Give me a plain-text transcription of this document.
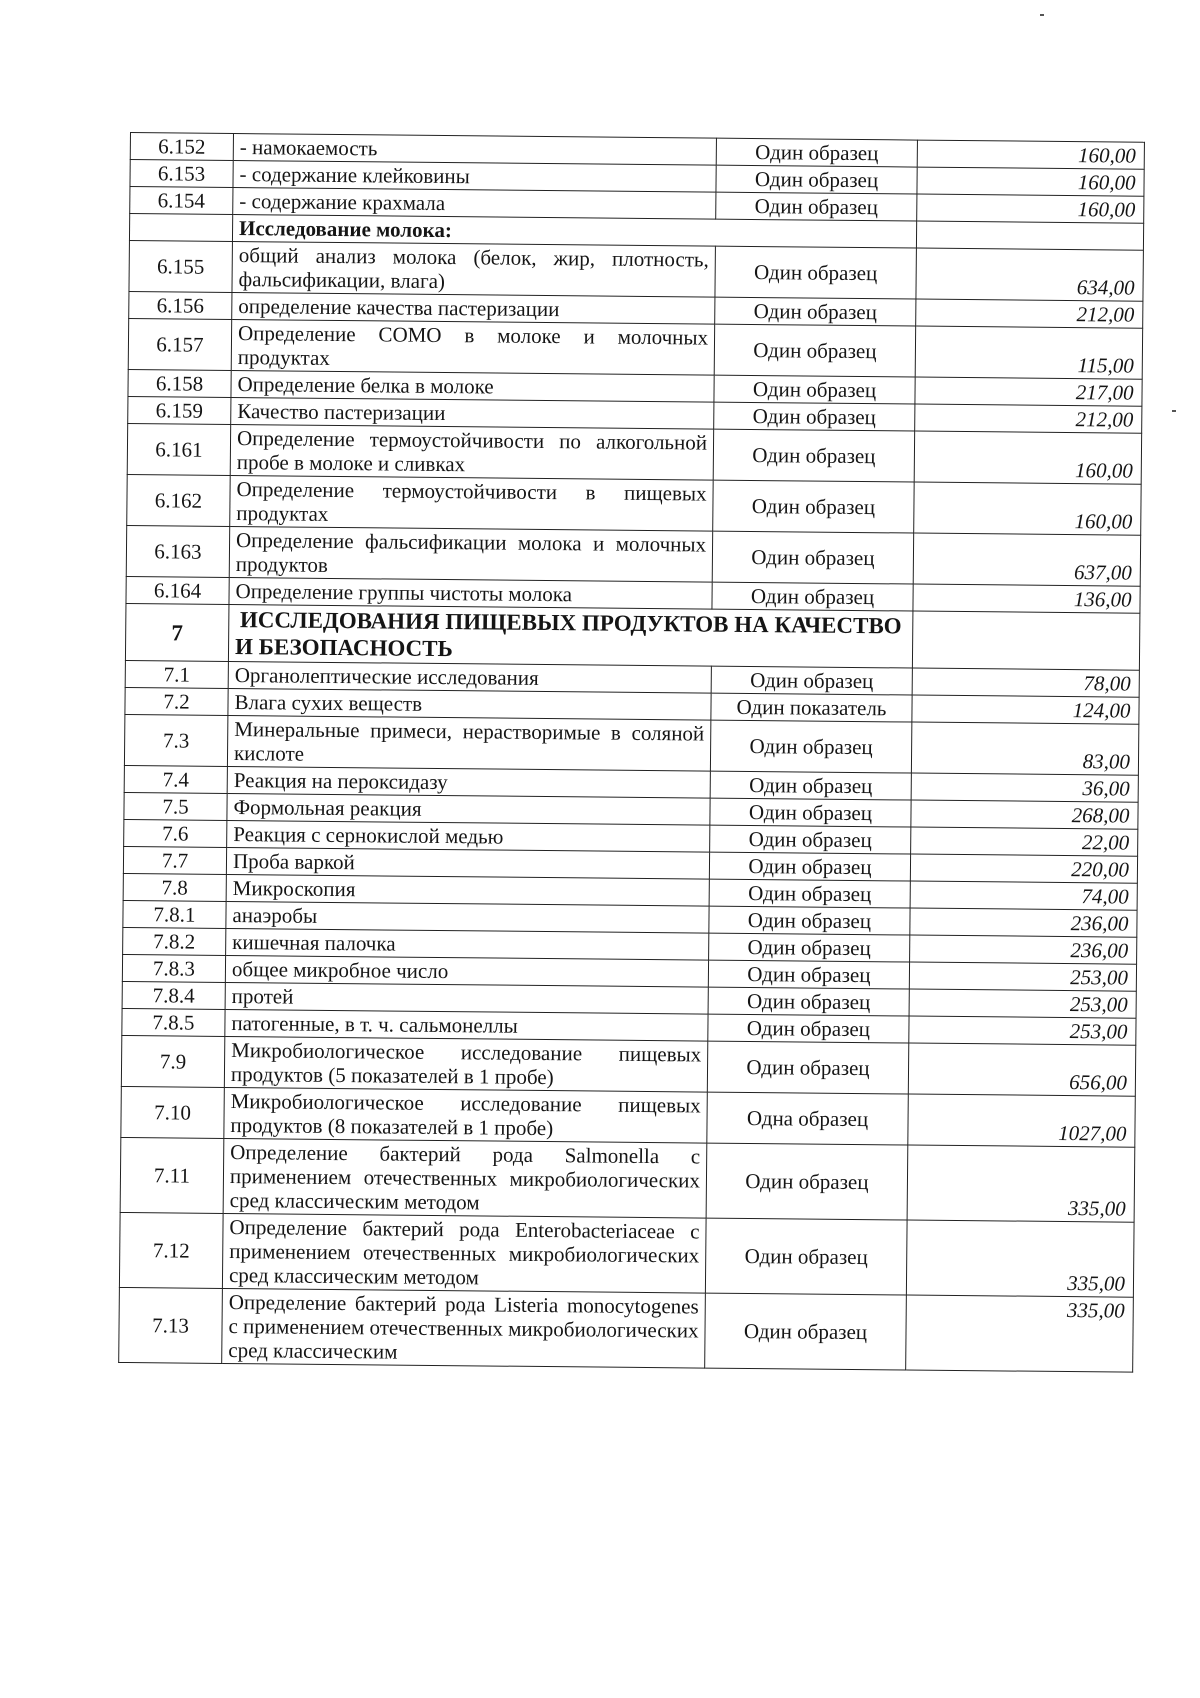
6.152	- намокаемость	Один образец	160,00
6.153	- содержание клейковины	Один образец	160,00
6.154	- содержание крахмала	Один образец	160,00
	Исследование молока:		
6.155	общий анализ молока (белок, жир, плотность, фальсификации, влага)	Один образец	634,00
6.156	определение качества пастеризации	Один образец	212,00
6.157	Определение СОМО в молоке и молочных продуктах	Один образец	115,00
6.158	Определение белка в молоке	Один образец	217,00
6.159	Качество пастеризации	Один образец	212,00
6.161	Определение термоустойчивости по алкогольной пробе в молоке и сливках	Один образец	160,00
6.162	Определение термоустойчивости в пищевых продуктах	Один образец	160,00
6.163	Определение фальсификации молока и молочных продуктов	Один образец	637,00
6.164	Определение группы чистоты молока	Один образец	136,00
7	ИССЛЕДОВАНИЯ ПИЩЕВЫХ ПРОДУКТОВ НА КАЧЕСТВО И БЕЗОПАСНОСТЬ		
7.1	Органолептические исследования	Один образец	78,00
7.2	Влага сухих веществ	Один показатель	124,00
7.3	Минеральные примеси, нерастворимые в соляной кислоте	Один образец	83,00
7.4	Реакция на пероксидазу	Один образец	36,00
7.5	Формольная реакция	Один образец	268,00
7.6	Реакция с сернокислой медью	Один образец	22,00
7.7	Проба варкой	Один образец	220,00
7.8	Микроскопия	Один образец	74,00
7.8.1	анаэробы	Один образец	236,00
7.8.2	кишечная палочка	Один образец	236,00
7.8.3	общее микробное число	Один образец	253,00
7.8.4	протей	Один образец	253,00
7.8.5	патогенные, в т. ч. сальмонеллы	Один образец	253,00
7.9	Микробиологическое исследование пищевых продуктов (5 показателей в 1 пробе)	Один образец	656,00
7.10	Микробиологическое исследование пищевых продуктов (8 показателей в 1 пробе)	Одна образец	1027,00
7.11	Определение бактерий рода Salmonella с применением отечественных микробиологических сред классическим методом	Один образец	335,00
7.12	Определение бактерий рода Enterobacteriaceae с применением отечественных микробиологических сред классическим методом	Один образец	335,00
7.13	Определение бактерий рода Listeria monocytogenes с применением отечественных микробиологических сред классическим	Один образец	335,00
